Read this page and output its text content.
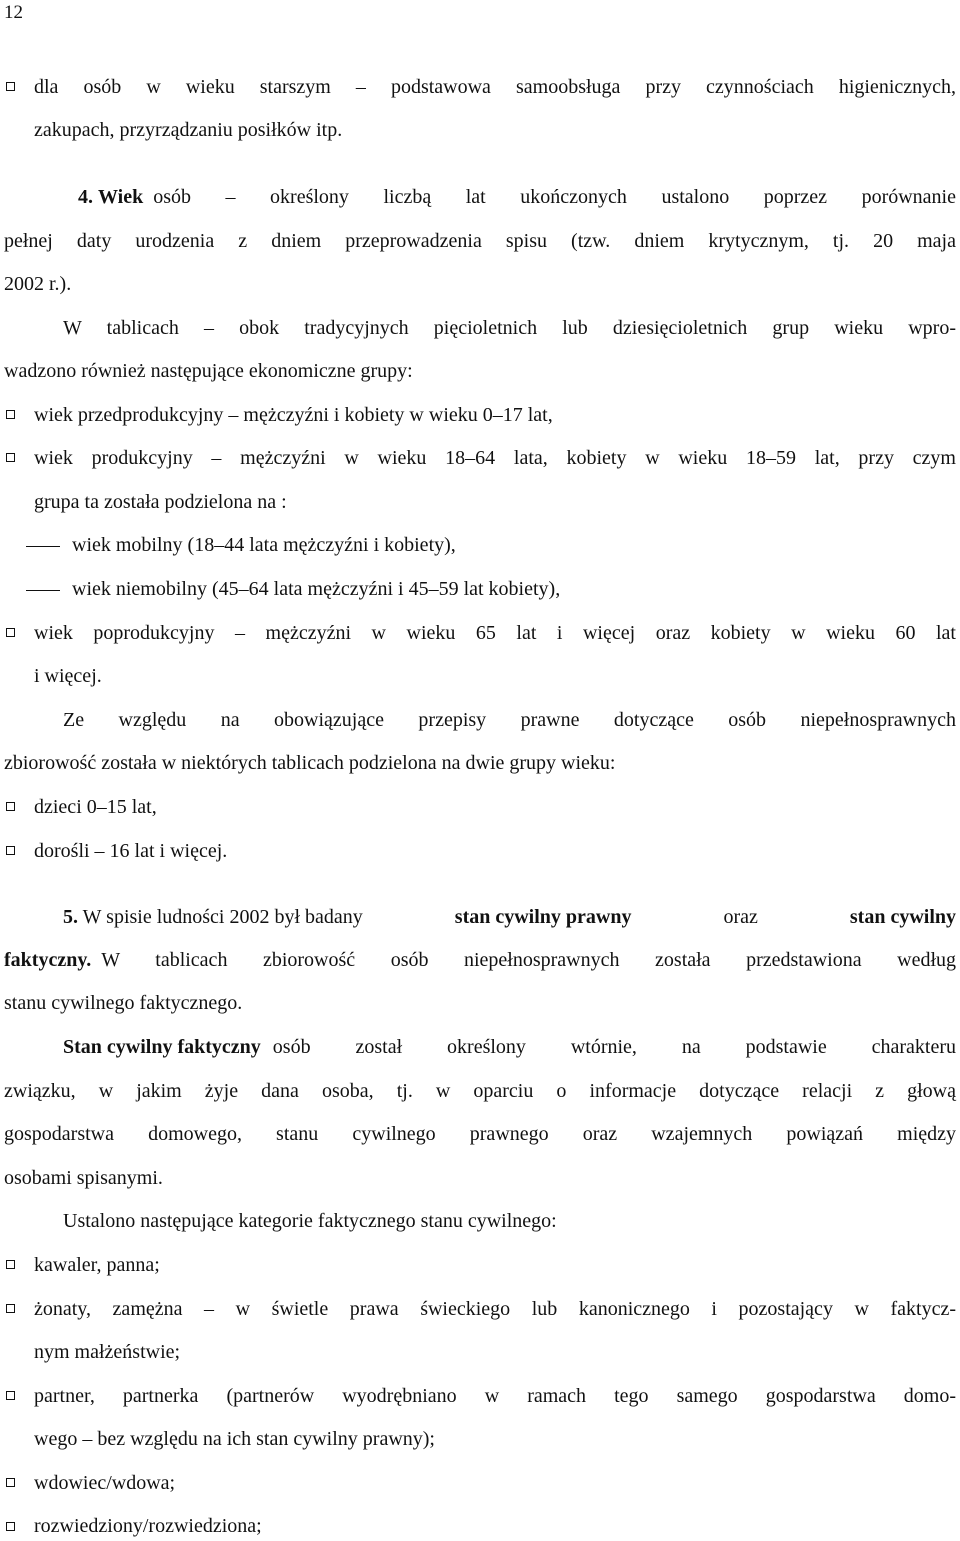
12
dla osób w wieku starszym – podstawowa samoobsługa przy czynnościach higienicznych,
zakupach, przyrządzaniu posiłków itp.
4. Wiek osób – określony liczbą lat ukończonych ustalono poprzez porównanie
pełnej daty urodzenia z dniem przeprowadzenia spisu (tzw. dniem krytycznym, tj. 20 maja
2002 r.).
W tablicach – obok tradycyjnych pięcioletnich lub dziesięcioletnich grup wieku wpro-
wadzono również następujące ekonomiczne grupy:
wiek przedprodukcyjny – mężczyźni i kobiety w wieku 0–17 lat,
wiek produkcyjny – mężczyźni w wieku 18–64 lata, kobiety w wieku 18–59 lat, przy czym
grupa ta została podzielona na :
wiek mobilny (18–44 lata mężczyźni i kobiety),
wiek niemobilny (45–64 lata mężczyźni i 45–59 lat kobiety),
wiek poprodukcyjny – mężczyźni w wieku 65 lat i więcej oraz kobiety w wieku 60 lat
i więcej.
Ze względu na obowiązujące przepisy prawne dotyczące osób niepełnosprawnych
zbiorowość została w niektórych tablicach podzielona na dwie grupy wieku:
dzieci 0–15 lat,
dorośli – 16 lat i więcej.
5. W spisie ludności 2002 był badany	stan cywilny prawny	oraz	stan cywilny
faktyczny. W tablicach zbiorowość osób niepełnosprawnych została przedstawiona według
stanu cywilnego faktycznego.
Stan cywilny faktyczny osób został określony wtórnie, na podstawie charakteru
związku, w jakim żyje dana osoba, tj. w oparciu o informacje dotyczące relacji z głową
gospodarstwa domowego, stanu cywilnego prawnego oraz wzajemnych powiązań między
osobami spisanymi.
Ustalono następujące kategorie faktycznego stanu cywilnego:
kawaler, panna;
żonaty, zamężna – w świetle prawa świeckiego lub kanonicznego i pozostający w faktycz-
nym małżeństwie;
partner, partnerka (partnerów wyodrębniano w ramach tego samego gospodarstwa domo-
wego – bez względu na ich stan cywilny prawny);
wdowiec/wdowa;
rozwiedziony/rozwiedziona;
